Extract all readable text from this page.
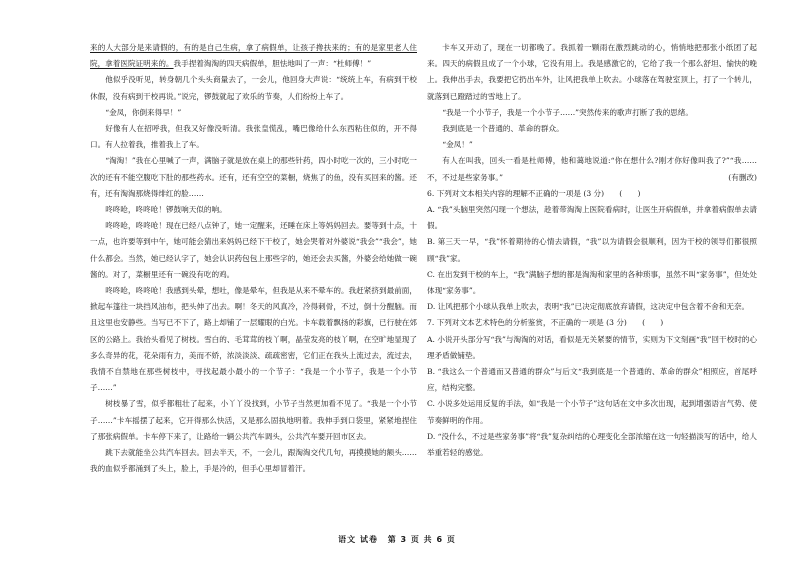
来的人大部分是来请假的，有的是自己生病，拿了病假单，让孩子搀扶来的；有的是家里老人住院，拿着医院证明来的。我手捏着淘淘的四天病假单，胆怯地叫了一声：“杜师傅！”

他似乎没听见，转身朝几个头头商量去了，一会儿，他回身大声说：“统统上车，有病到干校休假，没有病到干校再说。”说完，锣鼓就起了欢乐的节奏，人们纷纷上车了。

“金凤，你倒来得早！”

好像有人在招呼我，但我又好像没听清。我张皇慌乱，嘴巴像给什么东西粘住似的，开不得口。有人拉着我，推着我上了车。

“淘淘！”我在心里喊了一声，满脑子就是放在桌上的那些针药，四小时吃一次的，三小时吃一次的还有不能空腹吃下肚的那些药水。还有，还有空空的菜橱，烧焦了的鱼，没有买回来的酱。还有，还有淘淘那烧得绯红的脸……

咚咚呛，咚咚呛！锣鼓响天似的响。

咚咚呛，咚咚呛！现在已经八点钟了，她一定醒来，还睡在床上等妈妈回去。要等到十点，十一点，也许要等到中午，她可能会猜出来妈妈已经下干校了，她会哭着对外婆说“我会”“我会”，她什么都会。当然，她已经认字了，她会认识药包包上那些字的，她还会去买酱，外婆会给她做一碗酱的。对了，菜橱里还有一碗没有吃的鸡。

咚咚呛，咚咚呛！我感到头晕，想吐，像是晕车，但我是从来不晕车的。我赶紧挤到最前面，掀起车篷往一块挡风油布，把头伸了出去。啊！冬天的风真冷，冷得刺骨，不过，倒十分醒脑。而且这里也安静些。当写已不下了，路上却铺了一层耀眼的白光。卡车载着飘扬的彩旗，已行驶在郊区的公路上。我抬头看见了树枝。雪白的、毛茸茸的枝丫啊，晶莹发亮的枝丫啊，在空旷地显现了多么奇异的花，花朵雨有力，美而不娇，浓淡淡淡、疏疏密密，它们正在我头上流过去，流过去，我情不自禁地在那些树枝中，寻找起最小最小的一个节子：“我是一个小节子，我是一个小节子……”

树枝暴了雪，似乎都粗壮了起来，小丫丫没找到，小节子当然更加看不见了。“我是一个小节子……”卡车摇摆了起来，它开得那么快活，又是那么固执地明着。我伸手到口袋里，紧紧地捏住了那张病假单。卡车停下来了，让路给一辆公共汽车调头，公共汽车要开回市区去。

跳下去就能坐公共汽车回去。回去半天，不，一会儿，跟淘淘交代几句，再摸摸她的额头……我的血似乎都涌到了头上，脸上，手是冷的，但手心里却冒着汗。

卡车又开动了，现在一切都晚了。我抓着一颗雨在激烈跳动的心，悄悄地把那张小纸团了起来。四天的病假且成了一个小球，它没有用上。我是感激它的，它给了我一个那么舒坦、愉快的晚上。我伸出手去，我要把它扔出车外，让风把我单上吹去。小球落在驾驶室顶上，打了一个转儿，就落到已蹬踏过的雪地上了。

“我是一个小节子，我是一个小节子……”突然传来的歌声打断了我的思绪。

我到底是一个普通的、革命的群众。

“金凤！”

有人在叫我，回头一看是杜师傅，他和蔼地说道:“你在想什么?刚才你好像叫我了?”“我……不，不过是些家务事。”	(有删改)

6. 下列对文本相关内容的理解不正确的一项是 (3 分)　　(　　)

A. “我”头脑里突然闪现一个想法，趁着带淘淘上医院看病时，让医生开病假单，并拿着病假单去请假。

B. 第三天一早，“我”怀着期待的心情去请假，“我”以为请假会很顺利，因为干校的领导们都很照顾“我”家。

C. 在出发到干校的车上，“我”满脑子想的都是淘淘和家里的各种琐事，虽然不叫“家务事”，但处处体现“家务事”。

D. 让风把那个小球从我单上吹去，表明“我”已决定彻底放弃请假，这决定中包含着不舍和无奈。

7. 下列对文本艺术特色的分析鉴赏，不正确的一项是 (3 分)　　(　　)

A. 小说开头部分写“我”与淘淘的对话，看似是无关紧要的情节，实则为下文刻画“我”回干校时的心理矛盾做铺垫。

B. “我这么一个普通而又普通的群众”与后文“我到底是一个普通的、革命的群众”相照应，首尾呼应，结构完整。

C. 小说多处运用反复的手法，如“我是一个小节子”这句话在文中多次出现，起到增强语言气势、使节奏鲜明的作用。

D. “没什么，不过是些家务事”将“我”复杂纠结的心理变化全部浓缩在这一句轻描淡写的话中，给人举重若轻的感觉。

语文 试卷 第 3 页 共 6 页
